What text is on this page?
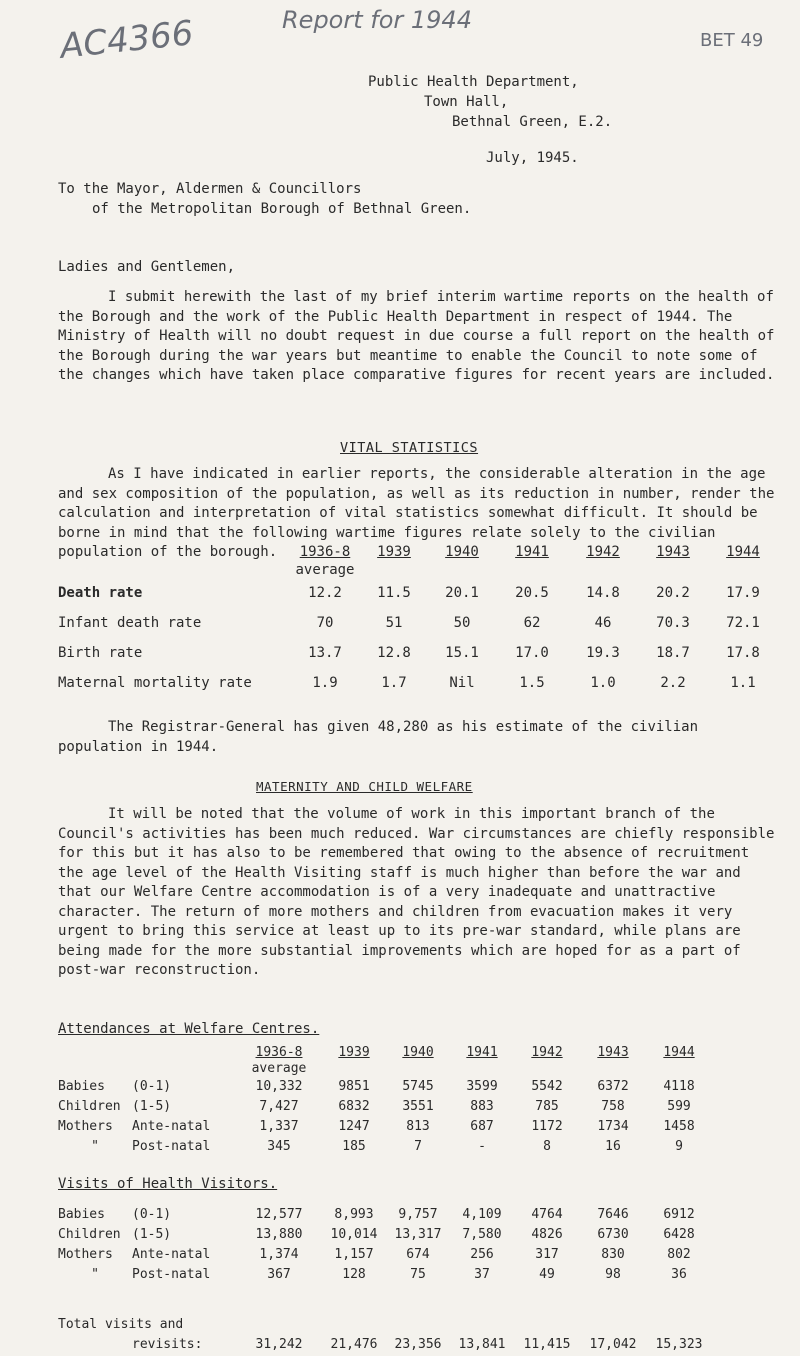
AC4366	Report for 1944
BET 49
Public Health Department,
Town Hall,
Bethnal Green, E.2.
July, 1945.
To the Mayor, Aldermen & Councillors
of the Metropolitan Borough of Bethnal Green.
Ladies and Gentlemen,
I submit herewith the last of my brief interim wartime reports on the health of the Borough and the work of the Public Health Department in respect of 1944. The Ministry of Health will no doubt request in due course a full report on the health of the Borough during the war years but meantime to enable the Council to note some of the changes which have taken place comparative figures for recent years are included.
VITAL STATISTICS
As I have indicated in earlier reports, the considerable alteration in the age and sex composition of the population, as well as its reduction in number, render the calculation and interpretation of vital statistics somewhat difficult. It should be borne in mind that the following wartime figures relate solely to the civilian population of the borough.
		1936-8	1939	1940	1941	1942	1943	1944
	average						
Death rate	12.2	11.5	20.1	20.5	14.8	20.2	17.9
Infant death rate	70	51	50	62	46	70.3	72.1
Birth rate	13.7	12.8	15.1	17.0	19.3	18.7	17.8
Maternal mortality rate	1.9	1.7	Nil	1.5	1.0	2.2	1.1
The Registrar-General has given 48,280 as his estimate of the civilian population in 1944.
MATERNITY AND CHILD WELFARE
It will be noted that the volume of work in this important branch of the Council's activities has been much reduced. War circumstances are chiefly responsible for this but it has also to be remembered that owing to the absence of recruitment the age level of the Health Visiting staff is much higher than before the war and that our Welfare Centre accommodation is of a very inadequate and unattractive character. The return of more mothers and children from evacuation makes it very urgent to bring this service at least up to its pre-war standard, while plans are being made for the more substantial improvements which are hoped for as a part of post-war reconstruction.
Attendances at Welfare Centres.
		1936-8	1939	1940	1941	1942	1943	1944	
		average							
Babies	(0-1)	10,332	9851	5745	3599	5542	6372	4118	
Children	(1-5)	7,427	6832	3551	883	785	758	599	
Mothers	Ante-natal	1,337	1247	813	687	1172	1734	1458	
"	Post-natal	345	185	7	-	8	16	9	
Visits of Health Visitors.
Babies	(0-1)	12,577	8,993	9,757	4,109	4764	7646	6912	
Children	(1-5)	13,880	10,014	13,317	7,580	4826	6730	6428	
Mothers	Ante-natal	1,374	1,157	674	256	317	830	802	
"	Post-natal	367	128	75	37	49	98	36	

Total visits and									
	revisits:	31,242	21,476	23,356	13,841	11,415	17,042	15,323	
